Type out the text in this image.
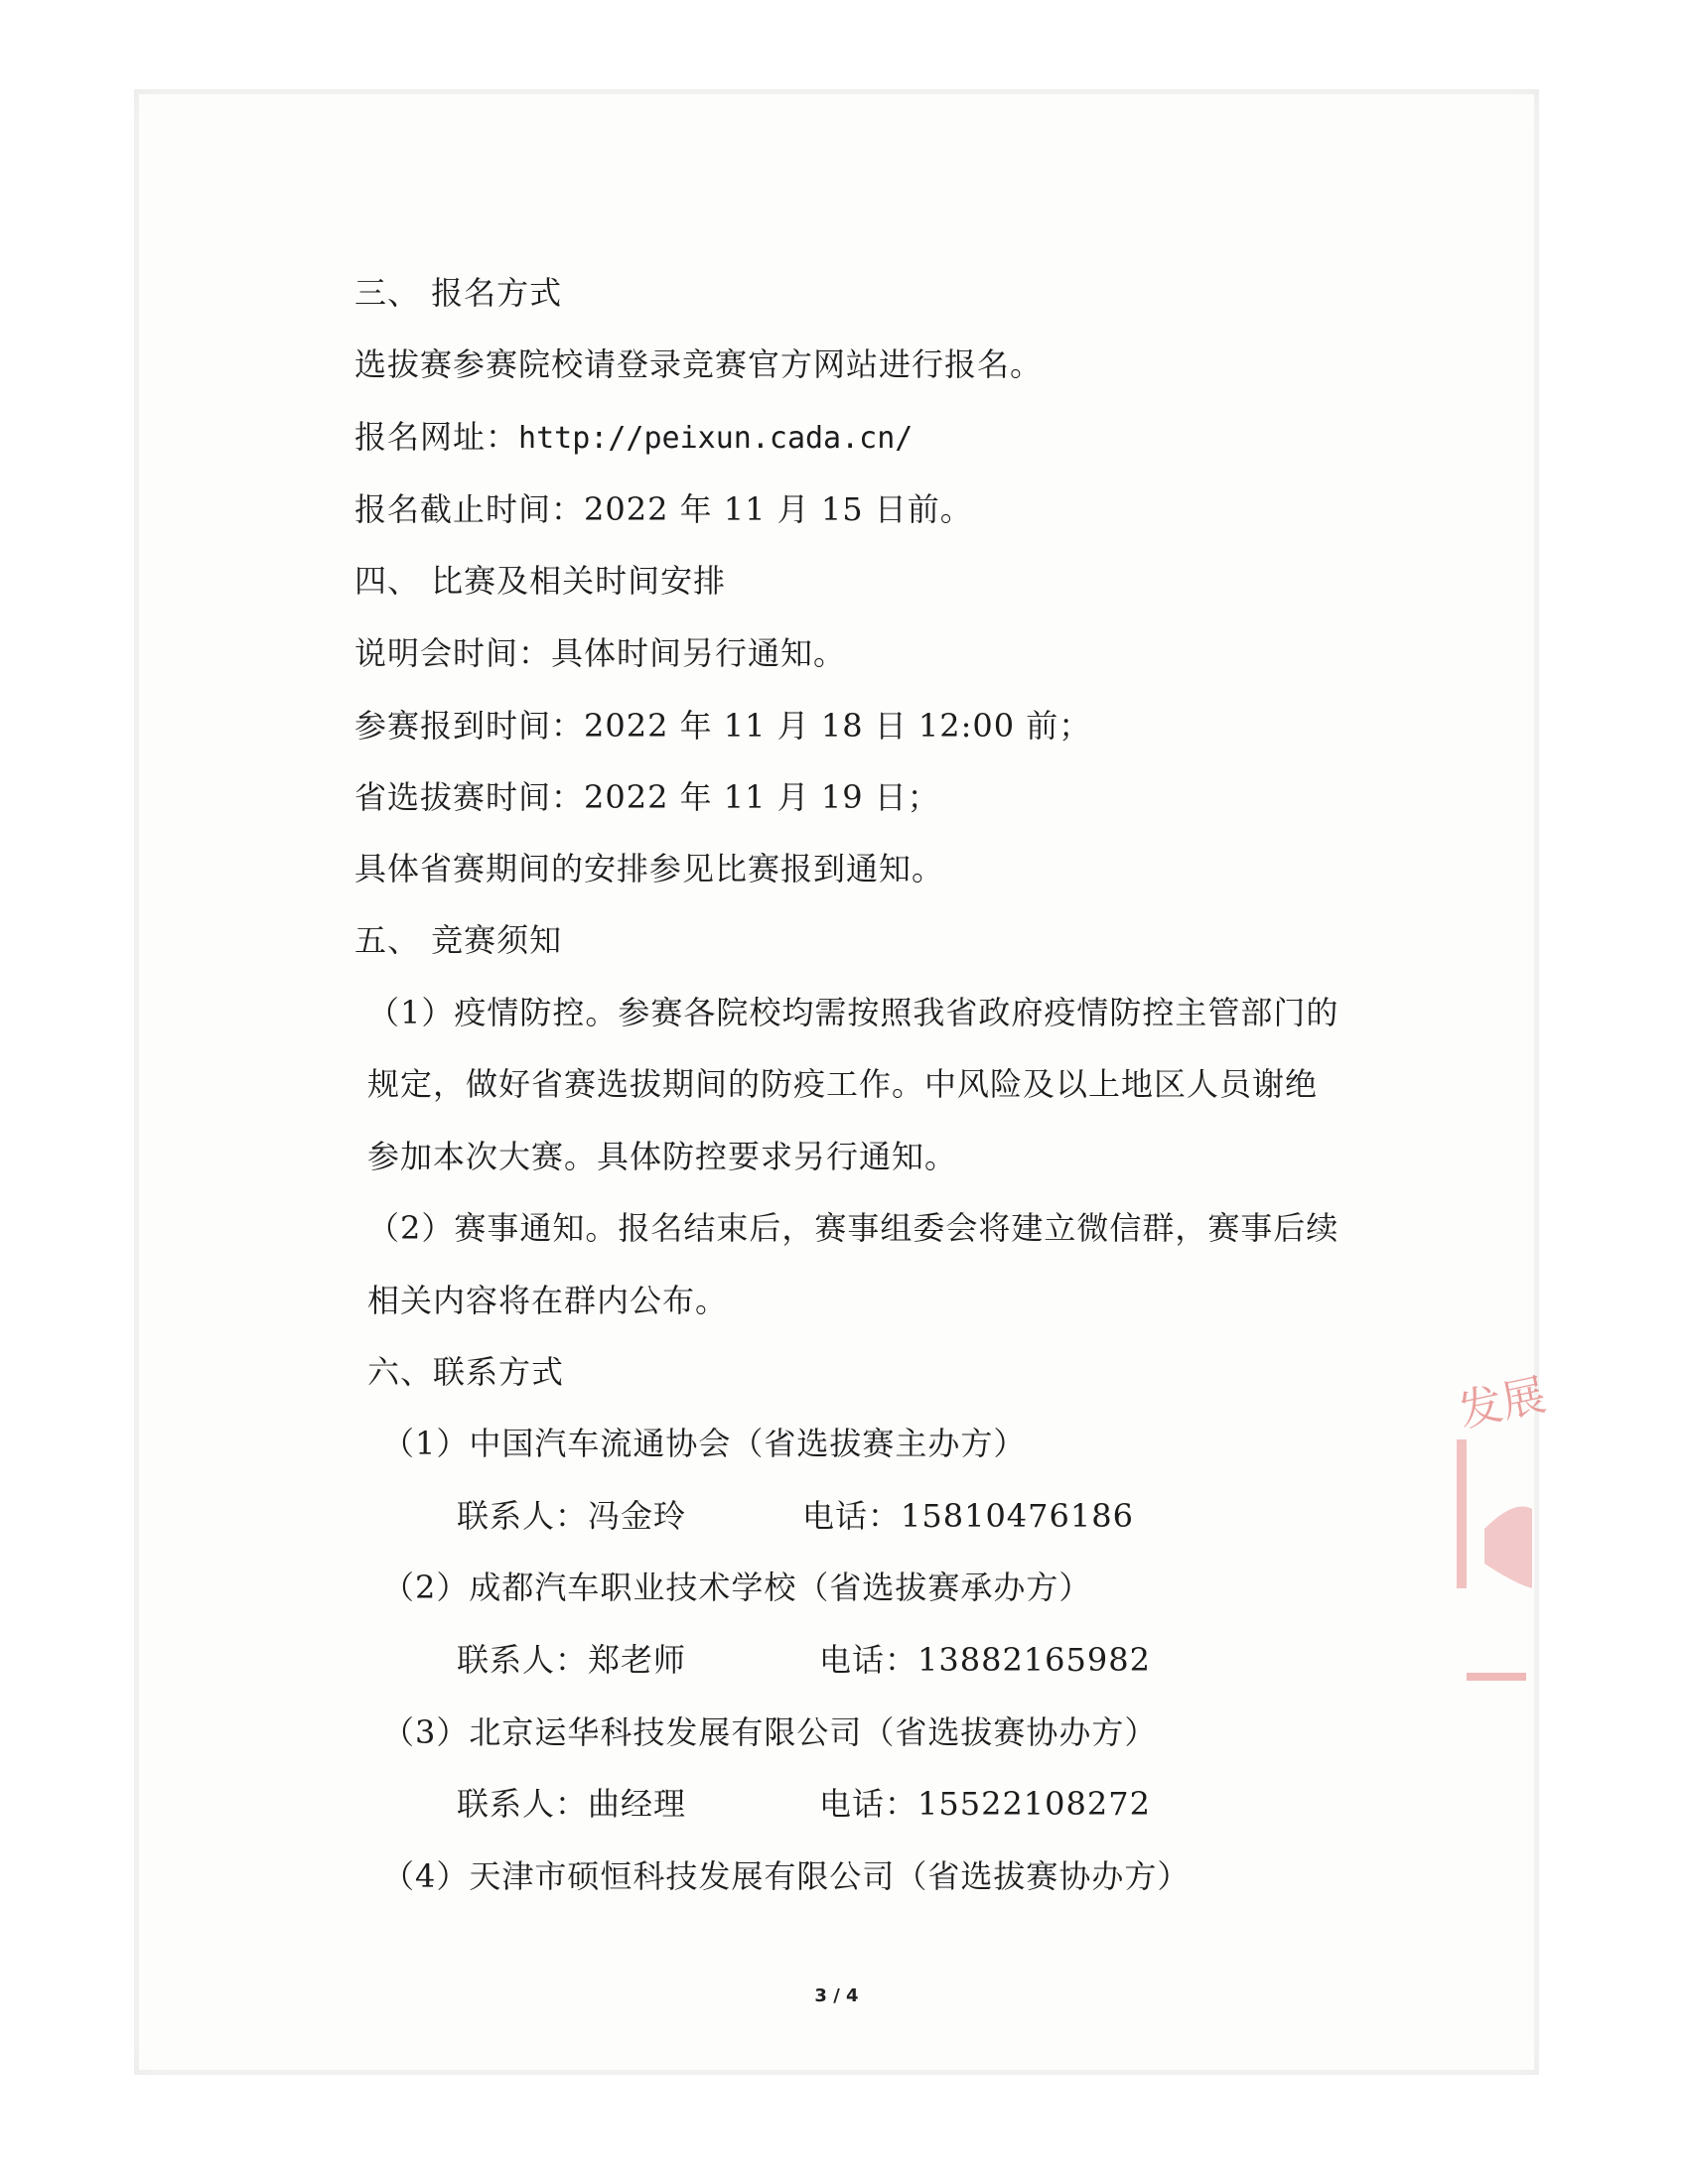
三、 报名方式
选拔赛参赛院校请登录竞赛官方网站进行报名。
报名网址：http://peixun.cada.cn/
报名截止时间：2022 年 11 月 15 日前。
四、 比赛及相关时间安排
说明会时间：具体时间另行通知。
参赛报到时间：2022 年 11 月 18 日 12:00 前；
省选拔赛时间：2022 年 11 月 19 日；
具体省赛期间的安排参见比赛报到通知。
五、 竞赛须知
（1）疫情防控。参赛各院校均需按照我省政府疫情防控主管部门的
规定，做好省赛选拔期间的防疫工作。中风险及以上地区人员谢绝
参加本次大赛。具体防控要求另行通知。
（2）赛事通知。报名结束后，赛事组委会将建立微信群，赛事后续
相关内容将在群内公布。
六、联系方式
（1）中国汽车流通协会（省选拔赛主办方）
联系人：冯金玲	电话：15810476186
（2）成都汽车职业技术学校（省选拔赛承办方）
联系人：郑老师	电话：13882165982
（3）北京运华科技发展有限公司（省选拔赛协办方）
联系人：曲经理	电话：15522108272
（4）天津市硕恒科技发展有限公司（省选拔赛协办方）
3 / 4
发展
